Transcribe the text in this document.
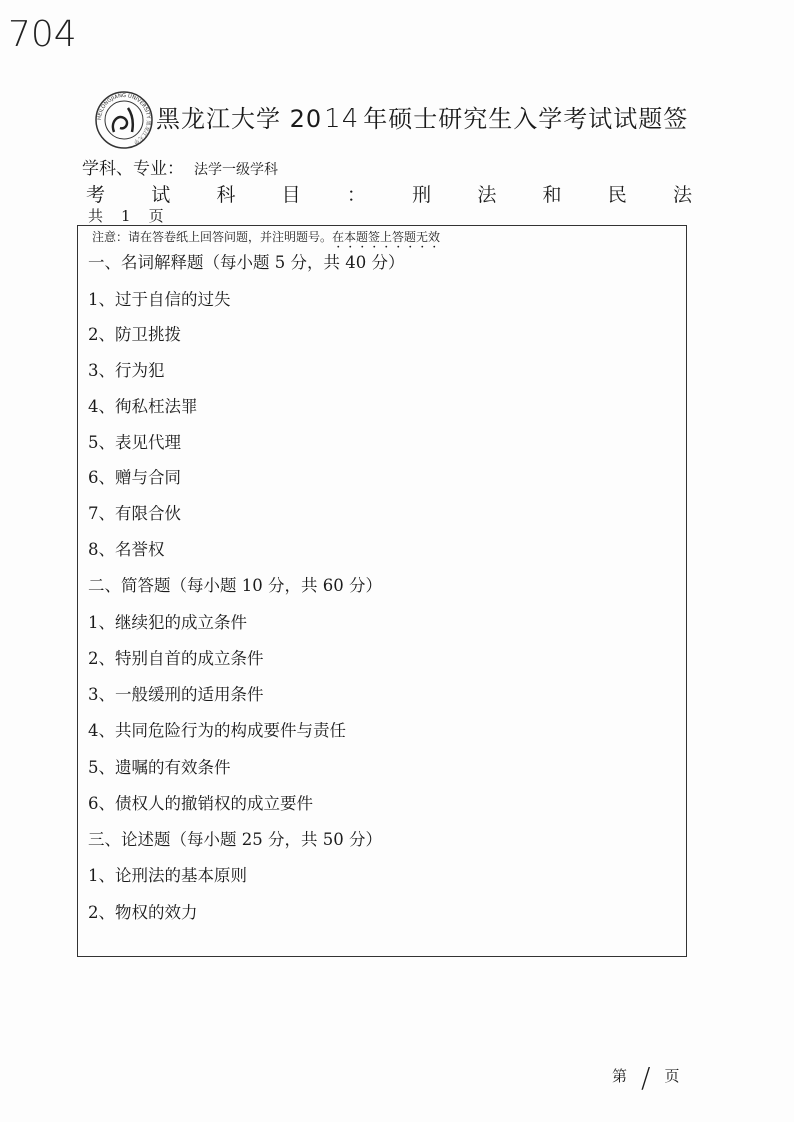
704
HEILONGJIANG UNIVERSITY 黑龙江大学
黑龙江大学 2014 年硕士研究生入学考试试题签
学科、专业： 法学一级学科
考 试 科 目 ： 刑 法 和 民 法
共 1 页
注意：请在答卷纸上回答问题，并注明题号。在本题签上答题无效
一、名词解释题（每小题 5 分，共 40 分）
1、过于自信的过失
2、防卫挑拨
3、行为犯
4、徇私枉法罪
5、表见代理
6、赠与合同
7、有限合伙
8、名誉权
二、简答题（每小题 10 分，共 60 分）
1、继续犯的成立条件
2、特别自首的成立条件
3、一般缓刑的适用条件
4、共同危险行为的构成要件与责任
5、遗嘱的有效条件
6、债权人的撤销权的成立要件
三、论述题（每小题 25 分，共 50 分）
1、论刑法的基本原则
2、物权的效力
第 / 页
